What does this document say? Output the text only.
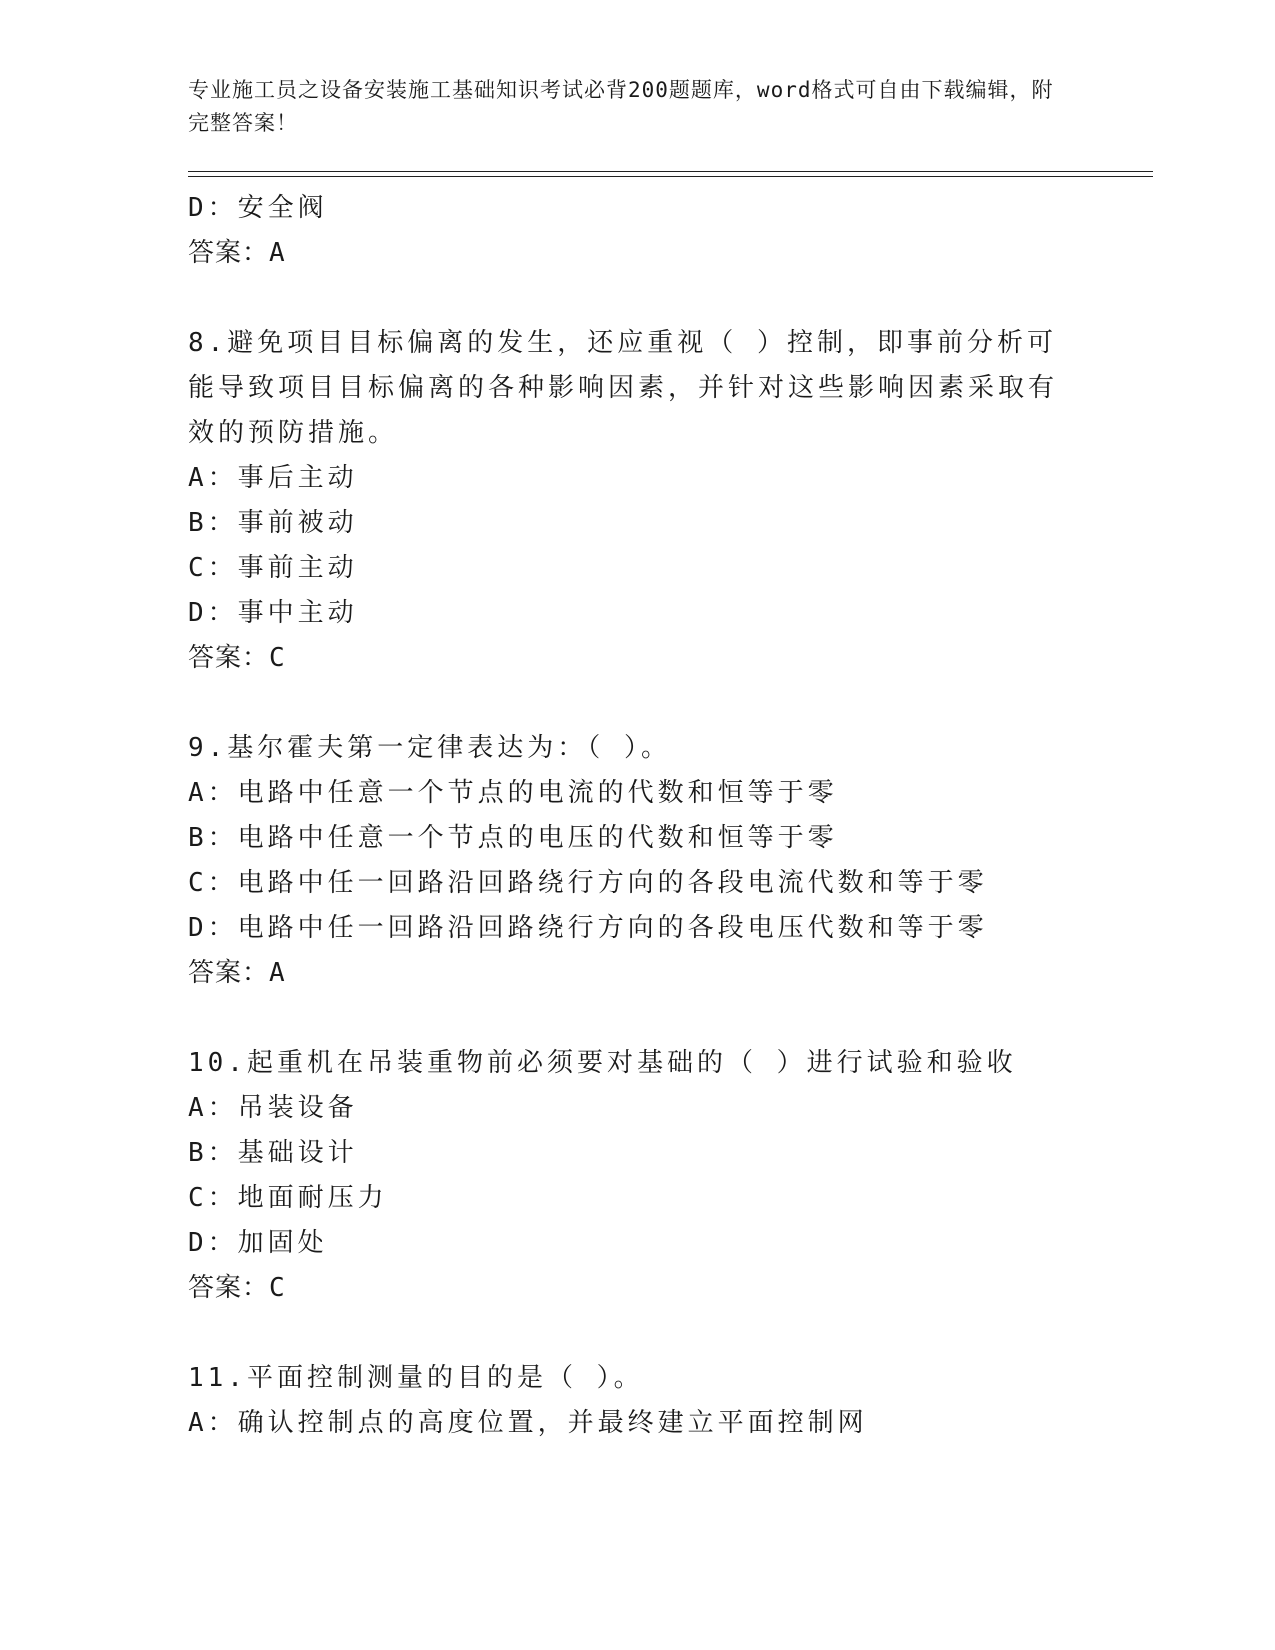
专业施工员之设备安装施工基础知识考试必背200题题库，word格式可自由下载编辑，附完整答案！
D：安全阀
答案：A
8.避免项目目标偏离的发生，还应重视（ ）控制，即事前分析可能导致项目目标偏离的各种影响因素，并针对这些影响因素采取有效的预防措施。
A：事后主动
B：事前被动
C：事前主动
D：事中主动
答案：C
9.基尔霍夫第一定律表达为：（ ）。
A：电路中任意一个节点的电流的代数和恒等于零
B：电路中任意一个节点的电压的代数和恒等于零
C：电路中任一回路沿回路绕行方向的各段电流代数和等于零
D：电路中任一回路沿回路绕行方向的各段电压代数和等于零
答案：A
10.起重机在吊装重物前必须要对基础的（ ）进行试验和验收
A：吊装设备
B：基础设计
C：地面耐压力
D：加固处
答案：C
11.平面控制测量的目的是（ ）。
A：确认控制点的高度位置，并最终建立平面控制网
